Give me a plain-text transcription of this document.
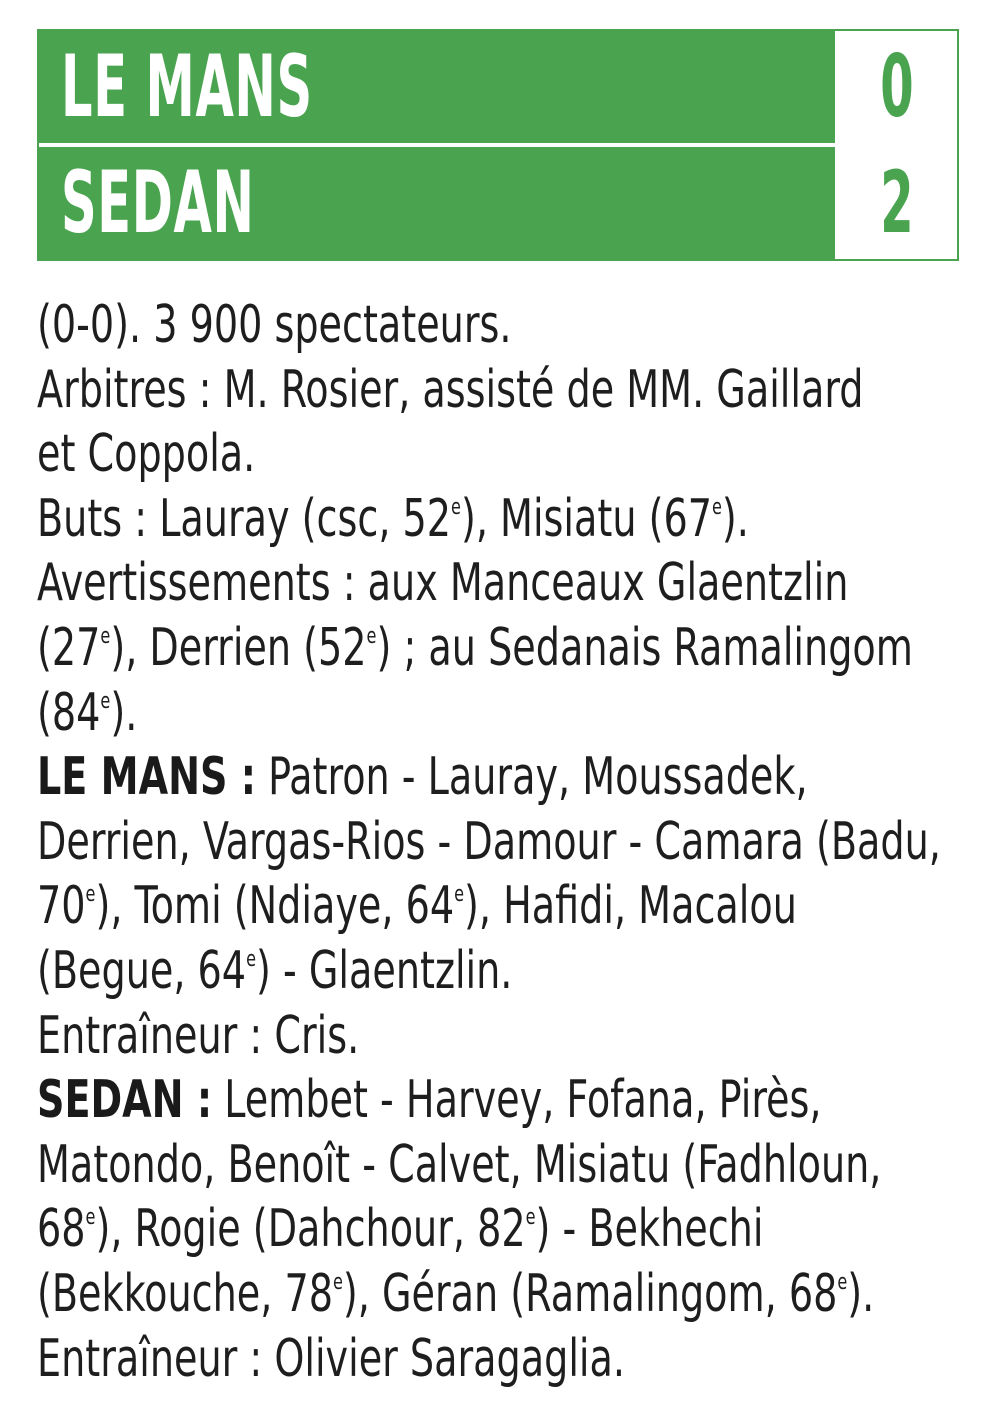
LE MANS	0
SEDAN	2
(0-0). 3 900 spectateurs.
Arbitres : M. Rosier, assisté de MM. Gaillard
et Coppola.
Buts : Lauray (csc, 52e), Misiatu (67e).
Avertissements : aux Manceaux Glaentzlin
(27e), Derrien (52e) ; au Sedanais Ramalingom
(84e).
LE MANS : Patron - Lauray, Moussadek,
Derrien, Vargas-Rios - Damour - Camara (Badu,
70e), Tomi (Ndiaye, 64e), Hafidi, Macalou
(Begue, 64e) - Glaentzlin.
Entraîneur : Cris.
SEDAN : Lembet - Harvey, Fofana, Pirès,
Matondo, Benoît - Calvet, Misiatu (Fadhloun,
68e), Rogie (Dahchour, 82e) - Bekhechi
(Bekkouche, 78e), Géran (Ramalingom, 68e).
Entraîneur : Olivier Saragaglia.
